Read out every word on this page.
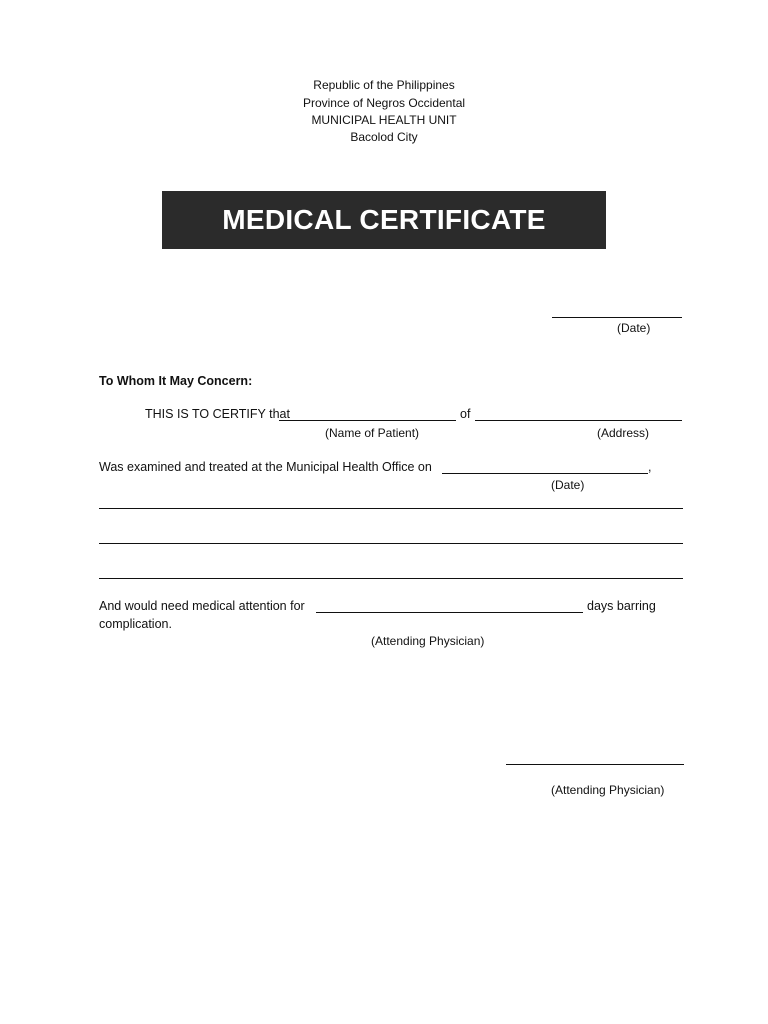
Republic of the Philippines
Province of Negros Occidental
MUNICIPAL HEALTH UNIT
Bacolod City
MEDICAL CERTIFICATE
(Date)
To Whom It May Concern:
THIS IS TO CERTIFY that	of
(Name of Patient)	(Address)
Was examined and treated at the Municipal Health Office on	,
(Date)
And would need medical attention for	days barring
complication.
(Attending Physician)
(Attending Physician)
